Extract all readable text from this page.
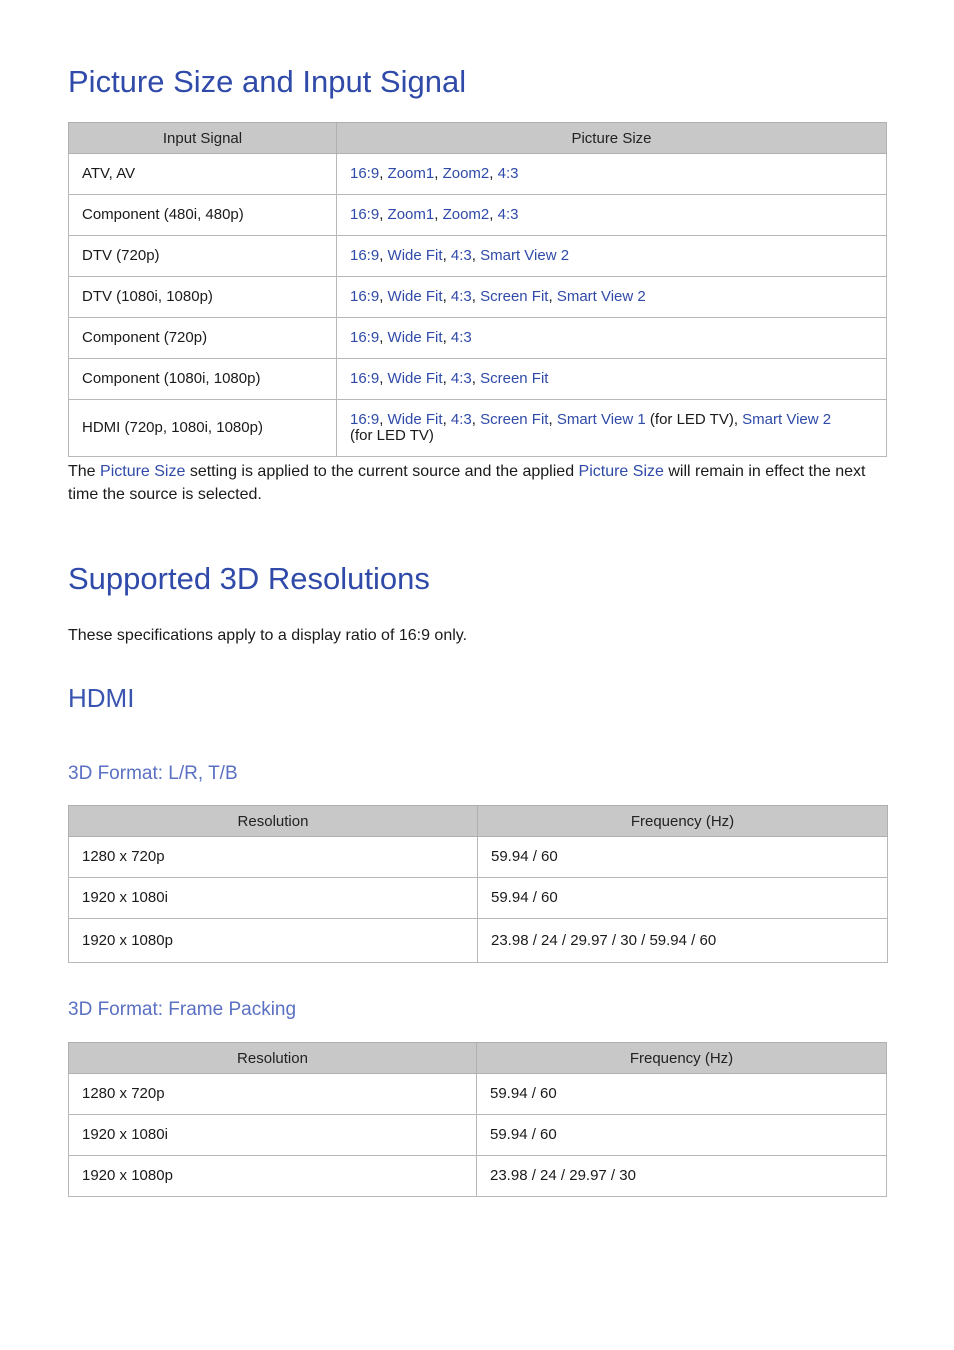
Picture Size and Input Signal
Input Signal	Picture Size
ATV, AV	16:9, Zoom1, Zoom2, 4:3
Component (480i, 480p)	16:9, Zoom1, Zoom2, 4:3
DTV (720p)	16:9, Wide Fit, 4:3, Smart View 2
DTV (1080i, 1080p)	16:9, Wide Fit, 4:3, Screen Fit, Smart View 2
Component (720p)	16:9, Wide Fit, 4:3
Component (1080i, 1080p)	16:9, Wide Fit, 4:3, Screen Fit
HDMI (720p, 1080i, 1080p)	16:9, Wide Fit, 4:3, Screen Fit, Smart View 1 (for LED TV), Smart View 2
(for LED TV)

The Picture Size setting is applied to the current source and the applied Picture Size will remain in effect the next time the source is selected.

Supported 3D Resolutions

These specifications apply to a display ratio of 16:9 only.

HDMI
3D Format: L/R, T/B
Resolution	Frequency (Hz)
1280 x 720p	59.94 / 60
1920 x 1080i	59.94 / 60
1920 x 1080p	23.98 / 24 / 29.97 / 30 / 59.94 / 60
3D Format: Frame Packing
Resolution	Frequency (Hz)
1280 x 720p	59.94 / 60
1920 x 1080i	59.94 / 60
1920 x 1080p	23.98 / 24 / 29.97 / 30
